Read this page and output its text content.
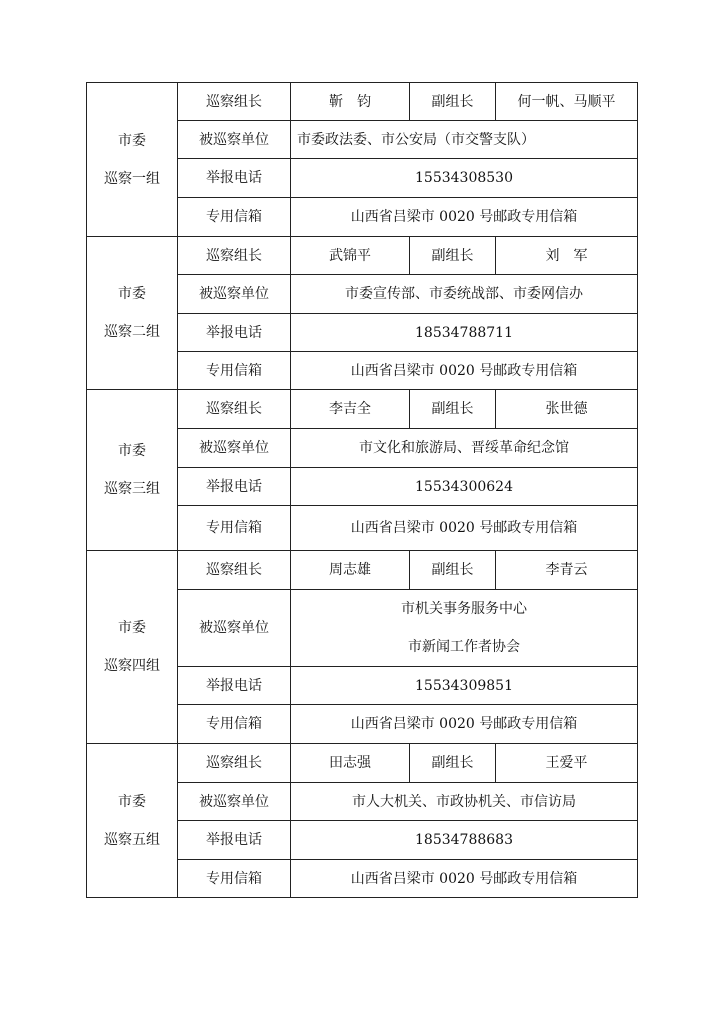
市委
巡察一组	巡察组长	靳　钧	副组长	何一帆、马顺平
	被巡察单位	市委政法委、市公安局（市交警支队）		
	举报电话	15534308530		
	专用信箱	山西省吕梁市 0020 号邮政专用信箱		

市委
巡察二组	巡察组长	武锦平	副组长	刘　军
	被巡察单位	市委宣传部、市委统战部、市委网信办		
	举报电话	18534788711		
	专用信箱	山西省吕梁市 0020 号邮政专用信箱		

市委
巡察三组	巡察组长	李吉全	副组长	张世德
	被巡察单位	市文化和旅游局、晋绥革命纪念馆		
	举报电话	15534300624		
	专用信箱	山西省吕梁市 0020 号邮政专用信箱		

市委
巡察四组	巡察组长	周志雄	副组长	李青云
	被巡察单位	市机关事务服务中心
市新闻工作者协会		

	举报电话	15534309851		
	专用信箱	山西省吕梁市 0020 号邮政专用信箱		

市委
巡察五组	巡察组长	田志强	副组长	王爱平
	被巡察单位	市人大机关、市政协机关、市信访局		
	举报电话	18534788683		
	专用信箱	山西省吕梁市 0020 号邮政专用信箱		
